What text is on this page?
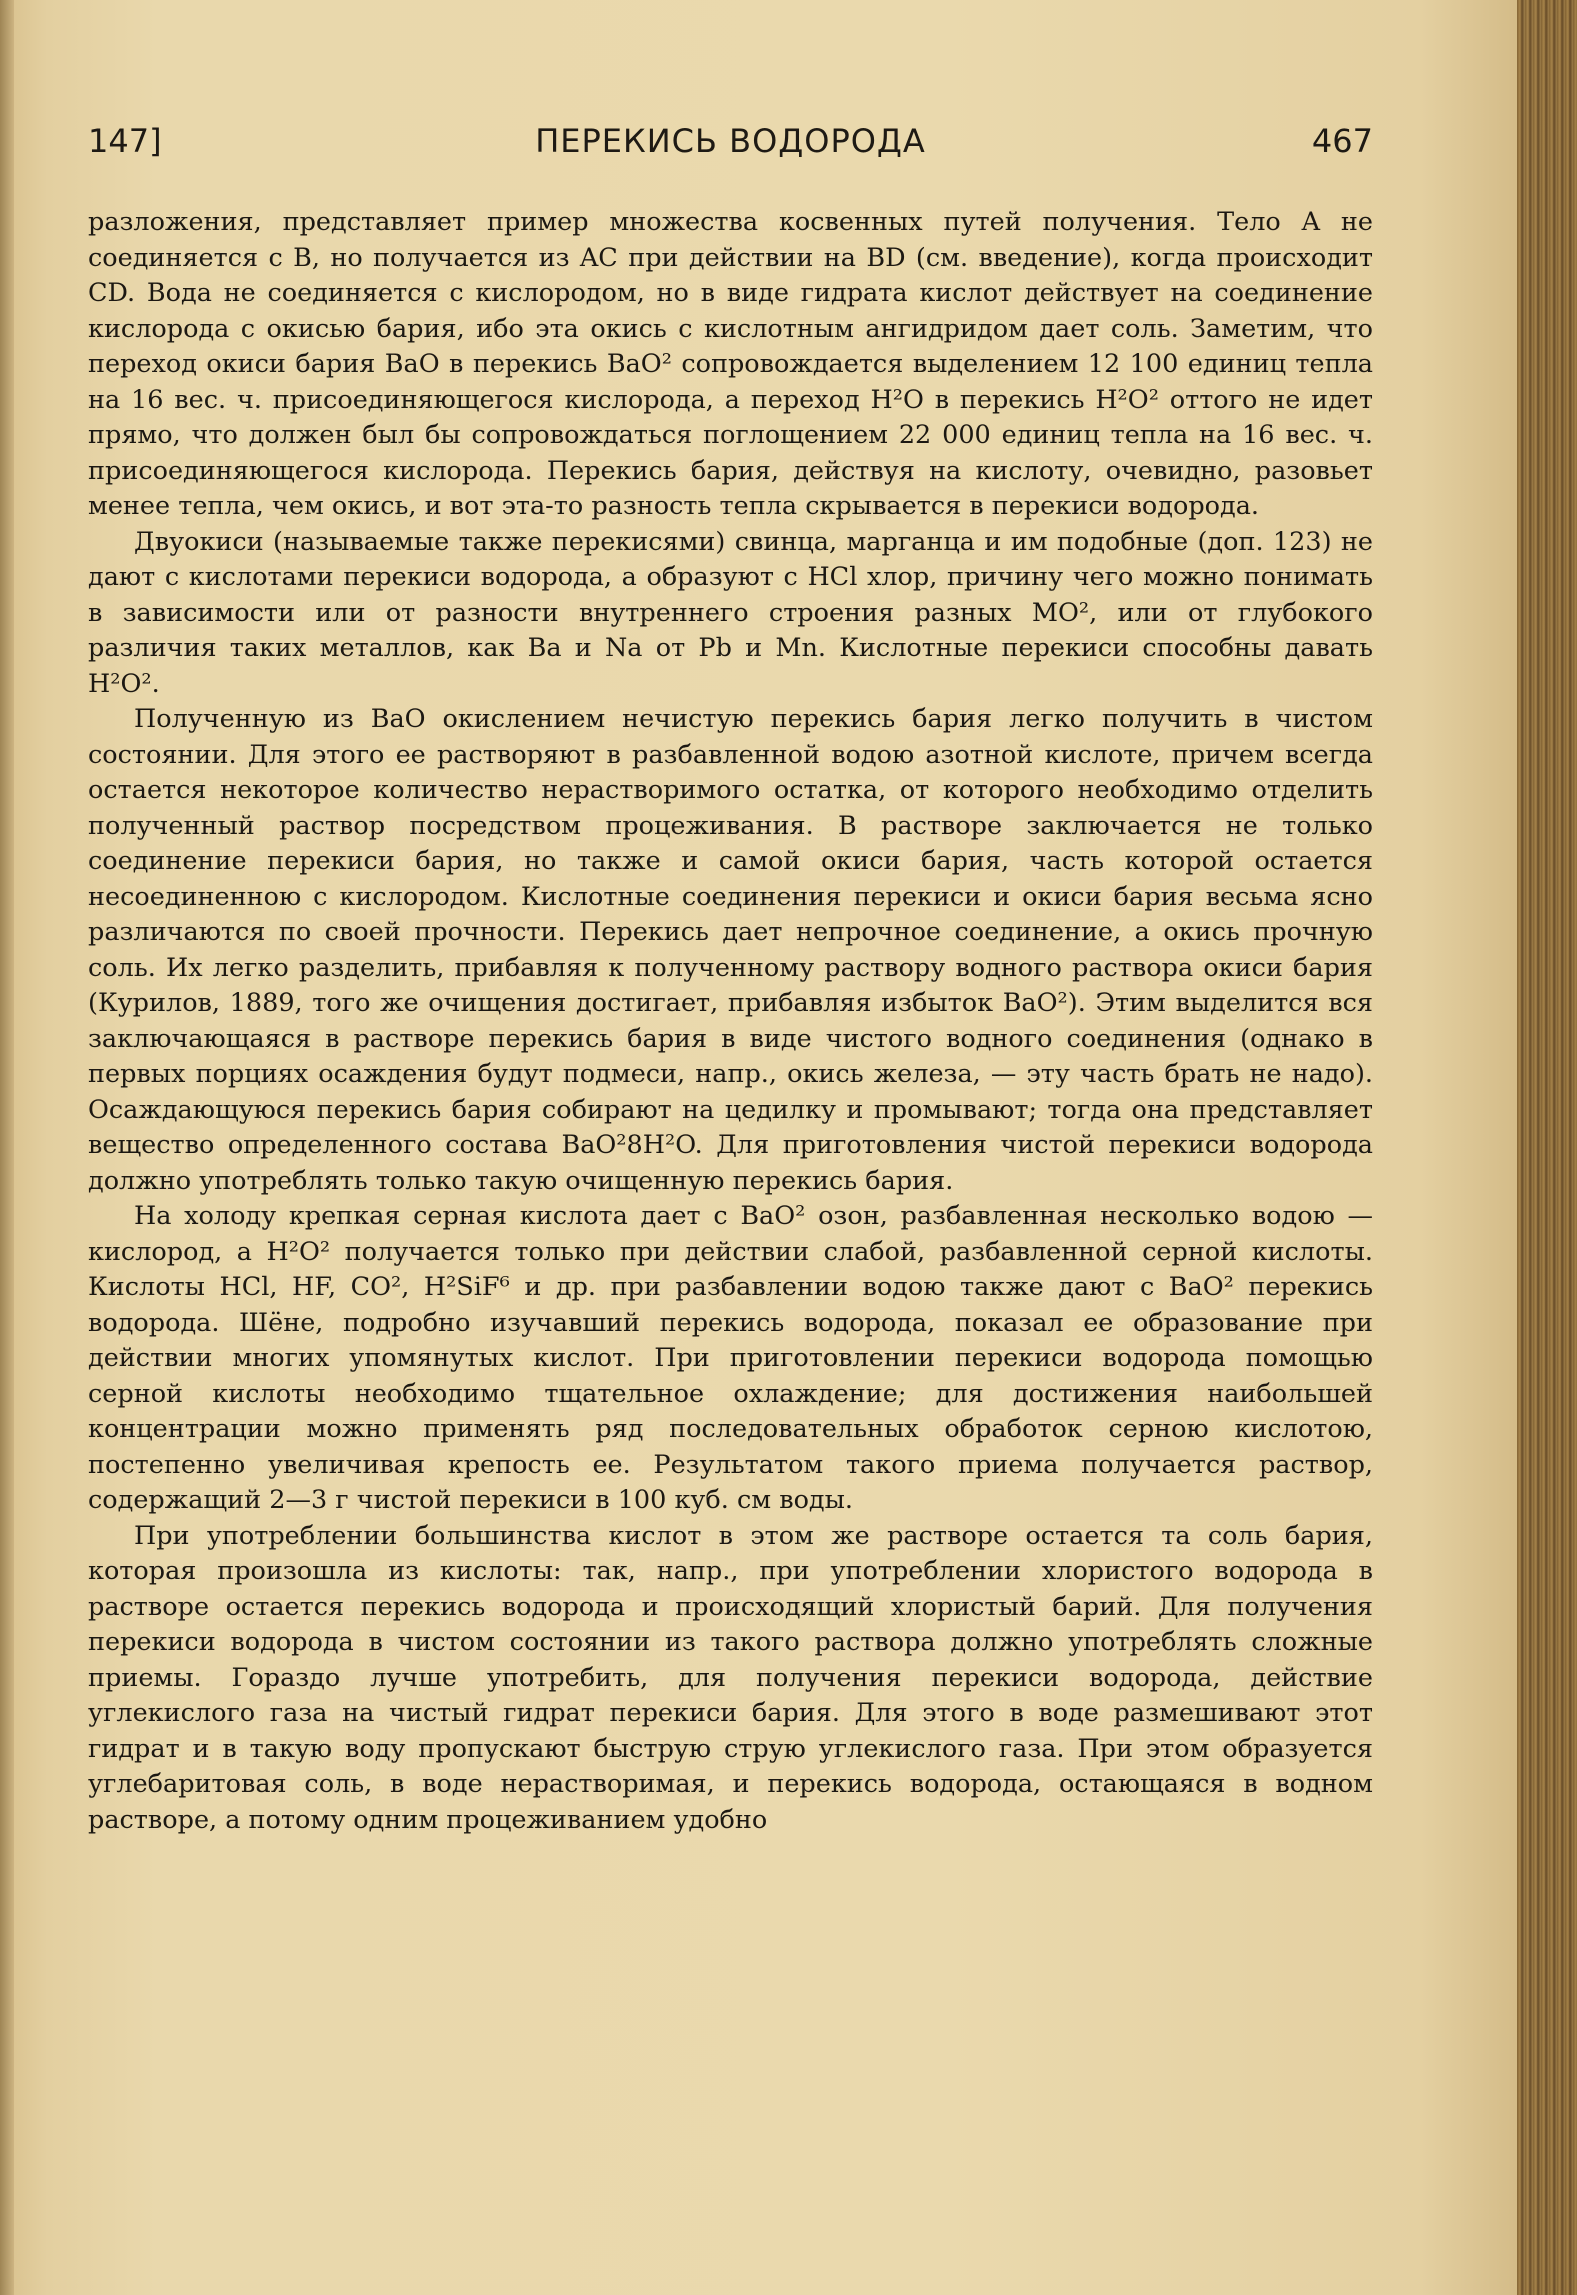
147]	ПЕРЕКИСЬ ВОДОРОДА	467

разложения, представляет пример множества косвенных путей получения. Тело A не соединяется с B, но получается из AC при действии на BD (см. введение), когда происходит CD. Вода не соединяется с кислородом, но в виде гидрата кислот действует на соединение кислорода с окисью бария, ибо эта окись с кислотным ангидридом дает соль. Заметим, что переход окиси бария BaO в перекись BaO² сопровождается выделением 12 100 единиц тепла на 16 вес. ч. присоединяющегося кислорода, а переход H²O в перекись H²O² оттого не идет прямо, что должен был бы сопровождаться поглощением 22 000 единиц тепла на 16 вес. ч. присоединяющегося кислорода. Перекись бария, действуя на кислоту, очевидно, разовьет менее тепла, чем окись, и вот эта-то разность тепла скрывается в перекиси водорода.

Двуокиси (называемые также перекисями) свинца, марганца и им подобные (доп. 123) не дают с кислотами перекиси водорода, а образуют с HCl хлор, причину чего можно понимать в зависимости или от разности внутреннего строения разных MO², или от глубокого различия таких металлов, как Ba и Na от Pb и Mn. Кислотные перекиси способны давать H²O².

Полученную из BaO окислением нечистую перекись бария легко получить в чистом состоянии. Для этого ее растворяют в разбавленной водою азотной кислоте, причем всегда остается некоторое количество нерастворимого остатка, от которого необходимо отделить полученный раствор посредством процеживания. В растворе заключается не только соединение перекиси бария, но также и самой окиси бария, часть которой остается несоединенною с кислородом. Кислотные соединения перекиси и окиси бария весьма ясно различаются по своей прочности. Перекись дает непрочное соединение, а окись прочную соль. Их легко разделить, прибавляя к полученному раствору водного раствора окиси бария (Курилов, 1889, того же очищения достигает, прибавляя избыток BaO²). Этим выделится вся заключающаяся в растворе перекись бария в виде чистого водного соединения (однако в первых порциях осаждения будут подмеси, напр., окись железа, — эту часть брать не надо). Осаждающуюся перекись бария собирают на цедилку и промывают; тогда она представляет вещество определенного состава BaO²8H²O. Для приготовления чистой перекиси водорода должно употреблять только такую очищенную перекись бария.

На холоду крепкая серная кислота дает с BaO² озон, разбавленная несколько водою — кислород, а H²O² получается только при действии слабой, разбавленной серной кислоты. Кислоты HCl, HF, CO², H²SiF⁶ и др. при разбавлении водою также дают с BaO² перекись водорода. Шёне, подробно изучавший перекись водорода, показал ее образование при действии многих упомянутых кислот. При приготовлении перекиси водорода помощью серной кислоты необходимо тщательное охлаждение; для достижения наибольшей концентрации можно применять ряд последовательных обработок серною кислотою, постепенно увеличивая крепость ее. Результатом такого приема получается раствор, содержащий 2—3 г чистой перекиси в 100 куб. см воды.

При употреблении большинства кислот в этом же растворе остается та соль бария, которая произошла из кислоты: так, напр., при употреблении хлористого водорода в растворе остается перекись водорода и происходящий хлористый барий. Для получения перекиси водорода в чистом состоянии из такого раствора должно употреблять сложные приемы. Гораздо лучше употребить, для получения перекиси водорода, действие углекислого газа на чистый гидрат перекиси бария. Для этого в воде размешивают этот гидрат и в такую воду пропускают быструю струю углекислого газа. При этом образуется углебаритовая соль, в воде нерастворимая, и перекись водорода, остающаяся в водном растворе, а потому одним процеживанием удобно
